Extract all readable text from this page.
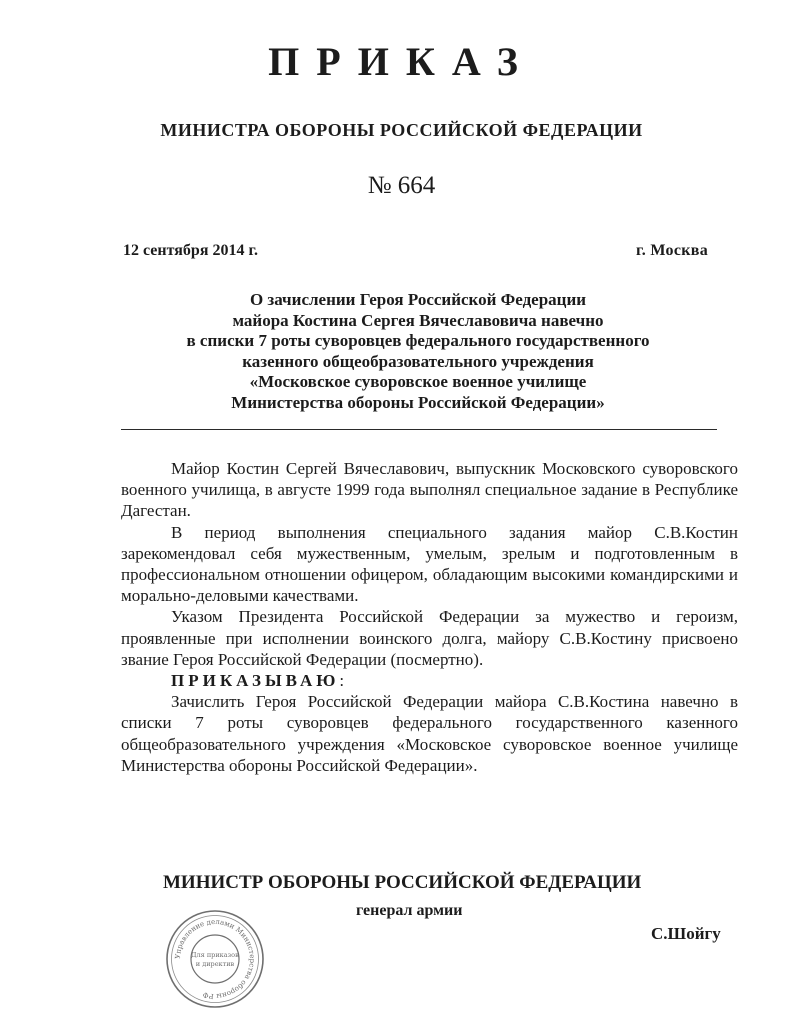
ПРИКАЗ
МИНИСТРА ОБОРОНЫ РОССИЙСКОЙ ФЕДЕРАЦИИ
№ 664
12 сентября 2014 г.	г. Москва
О зачислении Героя Российской Федерации
майора Костина Сергея Вячеславовича навечно
в списки 7 роты суворовцев федерального государственного
казенного общеобразовательного учреждения
«Московское суворовское военное училище
Министерства обороны Российской Федерации»

Майор Костин Сергей Вячеславович, выпускник Московского суворовского военного училища, в августе 1999 года выполнял специальное задание в Республике Дагестан.

В период выполнения специального задания майор С.В.Костин зарекомендовал себя мужественным, умелым, зрелым и подготовленным в профессиональном отношении офицером, обладающим высокими командирскими и морально-деловыми качествами.

Указом Президента Российской Федерации за мужество и героизм, проявленные при исполнении воинского долга, майору С.В.Костину присвоено звание Героя Российской Федерации (посмертно).

ПРИКАЗЫВАЮ:

Зачислить Героя Российской Федерации майора С.В.Костина навечно в списки 7 роты суворовцев федерального государственного казенного общеобразовательного учреждения «Московское суворовское военное училище Министерства обороны Российской Федерации».

МИНИСТР ОБОРОНЫ РОССИЙСКОЙ ФЕДЕРАЦИИ
генерал армии
С.Шойгу
Управление делами Министерства обороны РФ
Для приказов
и директив
